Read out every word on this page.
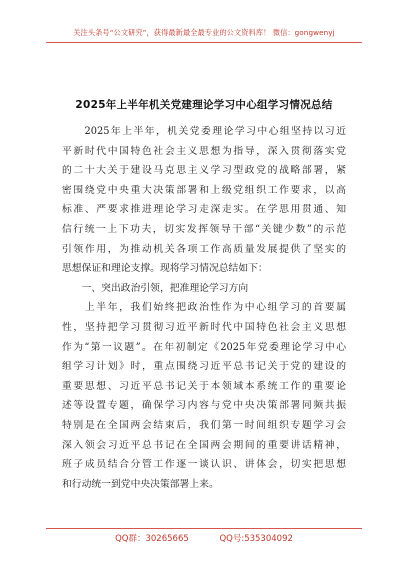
关注头条号“公文研究”，获得最新最全最专业的公文资料库！ 微信：gongwenyj
2025年上半年机关党建理论学习中心组学习情况总结
　　2025年上半年，机关党委理论学习中心组坚持以习近
平新时代中国特色社会主义思想为指导，深入贯彻落实党
的二十大关于建设马克思主义学习型政党的战略部署，紧
密围绕党中央重大决策部署和上级党组织工作要求，以高
标准、严要求推进理论学习走深走实。在学思用贯通、知
信行统一上下功夫，切实发挥领导干部“关键少数”的示范
引领作用，为推动机关各项工作高质量发展提供了坚实的
思想保证和理论支撑。现将学习情况总结如下：
　　一、突出政治引领，把准理论学习方向
　　上半年，我们始终把政治性作为中心组学习的首要属
性，坚持把学习贯彻习近平新时代中国特色社会主义思想
作为“第一议题”。在年初制定《2025年党委理论学习中心
组学习计划》时，重点围绕习近平总书记关于党的建设的
重要思想、习近平总书记关于本领域本系统工作的重要论
述等设置专题，确保学习内容与党中央决策部署同频共振
特别是在全国两会结束后，我们第一时间组织专题学习会
深入领会习近平总书记在全国两会期间的重要讲话精神，
班子成员结合分管工作逐一谈认识、讲体会，切实把思想
和行动统一到党中央决策部署上来。
QQ群：30265665	QQ号:535304092
